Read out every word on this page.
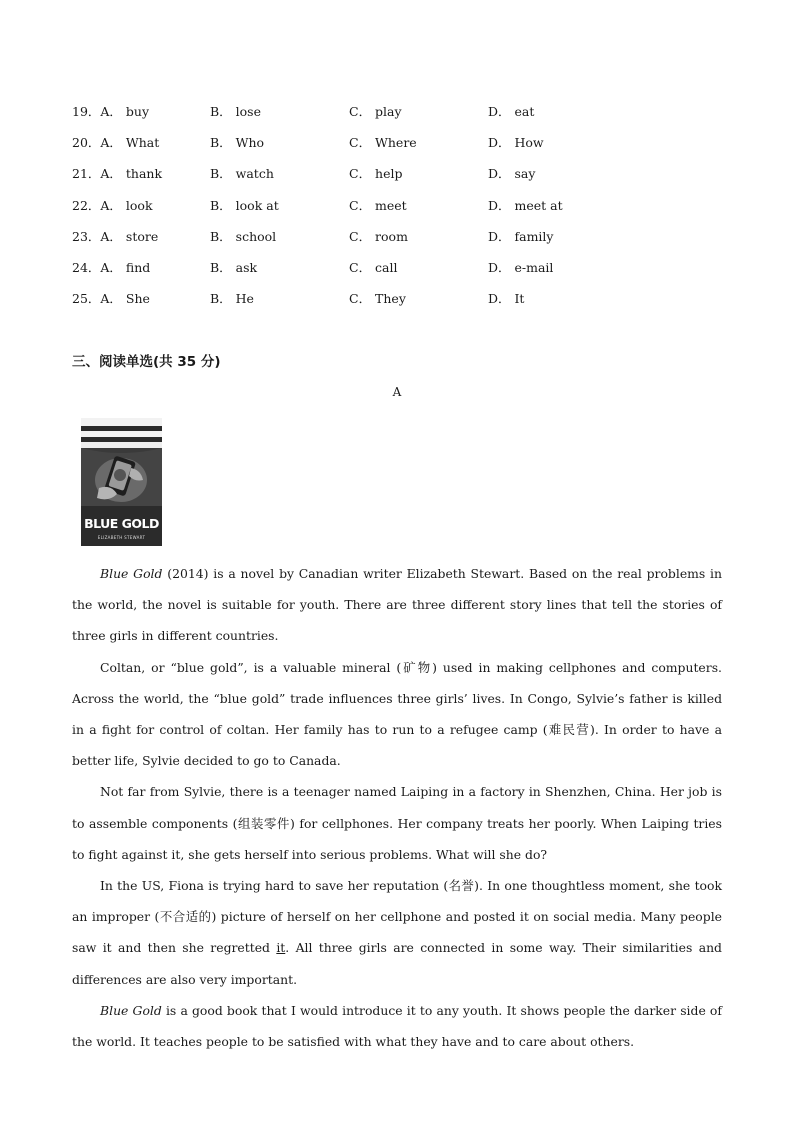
19．A． buy	B． lose	C． play	D． eat
20．A． What	B． Who	C． Where	D． How
21．A． thank	B． watch	C． help	D． say
22．A． look	B． look at	C． meet	D． meet at
23．A． store	B． school	C． room	D． family
24．A． find	B． ask	C． call	D． e-mail
25．A． She	B． He	C． They	D． It
三、阅读单选(共 35 分)
A
BLUE GOLD
ELIZABETH STEWART

Blue Gold (2014) is a novel by Canadian writer Elizabeth Stewart. Based on the real problems in the world, the novel is suitable for youth. There are three different story lines that tell the stories of three girls in different countries.

Coltan, or “blue gold”, is a valuable mineral (矿物) used in making cellphones and computers. Across the world, the “blue gold” trade influences three girls’ lives. In Congo, Sylvie’s father is killed in a fight for control of coltan. Her family has to run to a refugee camp (难民营). In order to have a better life, Sylvie decided to go to Canada.

Not far from Sylvie, there is a teenager named Laiping in a factory in Shenzhen, China. Her job is to assemble components (组装零件) for cellphones. Her company treats her poorly. When Laiping tries to fight against it, she gets herself into serious problems. What will she do?

In the US, Fiona is trying hard to save her reputation (名誉). In one thoughtless moment, she took an improper (不合适的) picture of herself on her cellphone and posted it on social media. Many people saw it and then she regretted it. All three girls are connected in some way. Their similarities and differences are also very important.

Blue Gold is a good book that I would introduce it to any youth. It shows people the darker side of the world. It teaches people to be satisfied with what they have and to care about others.
